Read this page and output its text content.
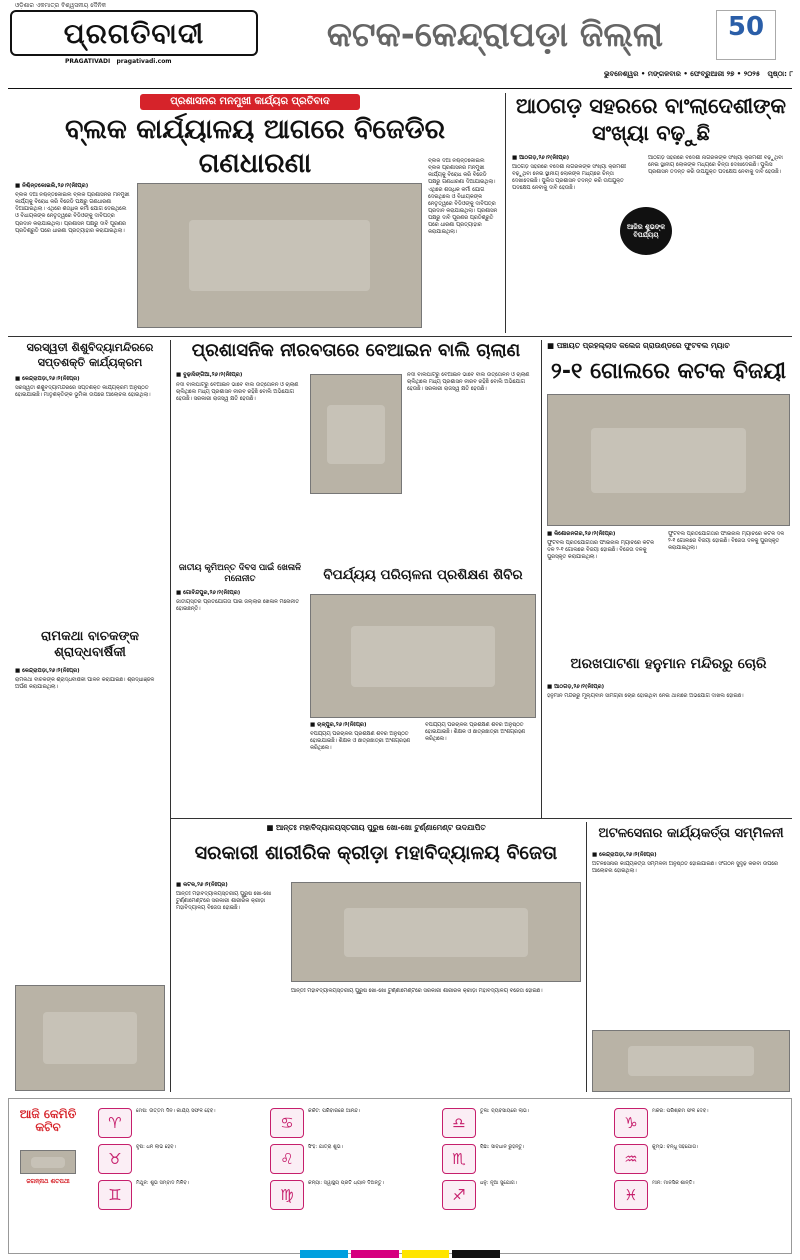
ଓଡ଼ିଶାର ଏକମାତ୍ର ବିଶ୍ୱସନୀୟ ଦୈନିକ
ପ୍ରଗତିବାଦୀ
PRAGATIVADI pragativadi.com
କଟକ-କେନ୍ଦ୍ରାପଡ଼ା ଜିଲ୍ଲା	50
ଭୁବନେଶ୍ୱର • ମଙ୍ଗଳବାର • ଫେବ୍ରୁଆରୀ ୨୭ • ୨୦୨୫ ପୃଷ୍ଠା: ୮
ପ୍ରଶାସନର ମନମୁଖୀ କାର୍ଯ୍ୟର ପ୍ରତିବାଦ
ବ୍ଲକ କାର୍ଯ୍ୟାଳୟ ଆଗରେ ବିଜେଡିର ଗଣଧାରଣା
■ ନିଶ୍ଚିନ୍ତକୋଇଲି,୨୬।୨(ନିଃପ୍ର)
ବ୍ଲକ ଦିଆ ନିଶ୍ଚିନ୍ତକୋଇଲି ବ୍ଲକ ପ୍ରଶାସନର ମନମୁଖୀ କାର୍ଯ୍ୟକୁ ବିରୋଧ କରି ବିଜେଡି ପକ୍ଷରୁ ଗଣଧାରଣା ଦିଆଯାଇଥିଲା। ଏଥିରେ ଶତାଧିକ କର୍ମୀ ଯୋଗ ଦେଇଥିଲେ ଓ ବିଧାୟକଙ୍କ ନେତୃତ୍ୱରେ ବିଡିଓଙ୍କୁ ଦାବିପତ୍ର ପ୍ରଦାନ କରାଯାଇଥିଲା। ପ୍ରଶାସନ ପକ୍ଷରୁ ଦାବି ପୂରଣର ପ୍ରତିଶ୍ରୁତି ପରେ ଧାରଣା ପ୍ରତ୍ୟାହାର କରାଯାଇଥିଲା।
ବ୍ଲକ ଦିଆ ନିଶ୍ଚିନ୍ତକୋଇଲି ବ୍ଲକ ପ୍ରଶାସନର ମନମୁଖୀ କାର୍ଯ୍ୟକୁ ବିରୋଧ କରି ବିଜେଡି ପକ୍ଷରୁ ଗଣଧାରଣା ଦିଆଯାଇଥିଲା। ଏଥିରେ ଶତାଧିକ କର୍ମୀ ଯୋଗ ଦେଇଥିଲେ ଓ ବିଧାୟକଙ୍କ ନେତୃତ୍ୱରେ ବିଡିଓଙ୍କୁ ଦାବିପତ୍ର ପ୍ରଦାନ କରାଯାଇଥିଲା। ପ୍ରଶାସନ ପକ୍ଷରୁ ଦାବି ପୂରଣର ପ୍ରତିଶ୍ରୁତି ପରେ ଧାରଣା ପ୍ରତ୍ୟାହାର କରାଯାଇଥିଲା।
ଆଠଗଡ଼ ସହରରେ ବାଂଲାଦେଶୀଙ୍କ ସଂଖ୍ୟା ବଢ଼ୁଛି
■ ଆଠଗଡ଼,୨୬।୨(ନିଃପ୍ର)
ଆଠଗଡ଼ ସହରରେ ବିଦେଶୀ ନାଗରିକଙ୍କ ସଂଖ୍ୟା କ୍ରମଶଃ ବଢ଼ୁଥିବା ନେଇ ସ୍ଥାନୀୟ ଲୋକଙ୍କ ମଧ୍ୟରେ ଚିନ୍ତା ଦେଖାଦେଇଛି। ପୁଲିସ ପ୍ରଶାସନ ତଦନ୍ତ କରି ଉପଯୁକ୍ତ ପଦକ୍ଷେପ ନେବାକୁ ଦାବି ହେଉଛି।
ଆଜିର ଶୁଭଙ୍କ ବିପର୍ଯ୍ୟୟ
ଆଠଗଡ଼ ସହରରେ ବିଦେଶୀ ନାଗରିକଙ୍କ ସଂଖ୍ୟା କ୍ରମଶଃ ବଢ଼ୁଥିବା ନେଇ ସ୍ଥାନୀୟ ଲୋକଙ୍କ ମଧ୍ୟରେ ଚିନ୍ତା ଦେଖାଦେଇଛି। ପୁଲିସ ପ୍ରଶାସନ ତଦନ୍ତ କରି ଉପଯୁକ୍ତ ପଦକ୍ଷେପ ନେବାକୁ ଦାବି ହେଉଛି।
ସରସ୍ୱତୀ ଶିଶୁବିଦ୍ୟାମନ୍ଦିରରେ ସପ୍ତଶକ୍ତି କାର୍ଯ୍ୟକ୍ରମ
■ କେନ୍ଦ୍ରାପଡ଼ା,୨୬।୨(ନିଃପ୍ର)
ସରସ୍ୱତୀ ଶିଶୁବିଦ୍ୟାମନ୍ଦିରରେ ସପ୍ତଶକ୍ତି କାର୍ଯ୍ୟକ୍ରମ ଅନୁଷ୍ଠିତ ହୋଇଯାଇଛି। ମାତୃଶକ୍ତିଙ୍କ ଭୂମିକା ଉପରେ ଆଲୋଚନା ହୋଇଥିଲା।
ରାମକଥା ବାଚକଙ୍କ ଶ୍ରାଦ୍ଧବାର୍ଷିକୀ
■ କେନ୍ଦ୍ରାପଡ଼ା,୨୬।୨(ନିଃପ୍ର)
ରାମକଥା ବାଚକଙ୍କ ଶ୍ରାଦ୍ଧବାର୍ଷିକୀ ପାଳନ କରାଯାଇଛି। ଶ୍ରଦ୍ଧାଞ୍ଜଳି ଅର୍ପଣ କରାଯାଇଥିଲା।
ପ୍ରଶାସନିକ ନୀରବତାରେ ବେଆଇନ ବାଲି ଚାଲାଣ
■ ବୁଢ଼ାସିଙ୍ଗିଆ,୨୬।୨(ନିଃପ୍ର)
ନଦୀ ବାଲିଘାଟରୁ ବେଆଇନ ଭାବେ ବାଲି ଉତ୍ତୋଳନ ଓ ଚାଲାଣ ଚାଲିଥିଲେ ମଧ୍ୟ ପ୍ରଶାସନ ନୀରବ ରହିଛି ବୋଲି ଅଭିଯୋଗ ହେଉଛି। ସରକାରୀ ରାଜସ୍ୱ କ୍ଷତି ହେଉଛି।
ନଦୀ ବାଲିଘାଟରୁ ବେଆଇନ ଭାବେ ବାଲି ଉତ୍ତୋଳନ ଓ ଚାଲାଣ ଚାଲିଥିଲେ ମଧ୍ୟ ପ୍ରଶାସନ ନୀରବ ରହିଛି ବୋଲି ଅଭିଯୋଗ ହେଉଛି। ସରକାରୀ ରାଜସ୍ୱ କ୍ଷତି ହେଉଛି।
ଜାତୀୟ କୃମିଅନ୍ତ ଦିବସ ପାଇଁ ଖେଳାଳି ମନୋନୀତ
■ ଗୋବିନ୍ଦପୁର,୨୬।୨(ନିଃପ୍ର)
ଜାତୀୟସ୍ତର ପ୍ରତିଯୋଗିତା ପାଇଁ ଜିଲ୍ଲାର ଖେଳାଳି ମନୋନୀତ ହୋଇଛନ୍ତି।
ବିପର୍ଯ୍ୟୟ ପରିଚାଳନା ପ୍ରଶିକ୍ଷଣ ଶିବିର
■ ଚାଳ୍ପୁର,୨୬।୨(ନିଃପ୍ର)
ବିପର୍ଯ୍ୟୟ ପରିଚାଳନା ପ୍ରଶିକ୍ଷଣ ଶିବିର ଅନୁଷ୍ଠିତ ହୋଇଯାଇଛି। ଶିକ୍ଷକ ଓ ଛାତ୍ରଛାତ୍ରୀ ଅଂଶଗ୍ରହଣ କରିଥିଲେ।
ବିପର୍ଯ୍ୟୟ ପରିଚାଳନା ପ୍ରଶିକ୍ଷଣ ଶିବିର ଅନୁଷ୍ଠିତ ହୋଇଯାଇଛି। ଶିକ୍ଷକ ଓ ଛାତ୍ରଛାତ୍ରୀ ଅଂଶଗ୍ରହଣ କରିଥିଲେ।
■ ପଞ୍ଚାୟତ ପ୍ରହଲ୍ଲାଦ କଲେଜ ଗ୍ରାଉଣ୍ଡରେ ଫୁଟବଲ ମ୍ୟାଚ
୨-୧ ଗୋଲରେ କଟକ ବିଜୟୀ
■ କିଶୋରନଗର,୨୬।୨(ନିଃପ୍ର)
ଫୁଟବଲ ପ୍ରତିଯୋଗିତାର ଫାଇନାଲ ମ୍ୟାଚରେ କଟକ ଦଳ ୨-୧ ଗୋଲରେ ବିଜୟୀ ହୋଇଛି। ବିଜେତା ଦଳକୁ ପୁରସ୍କୃତ କରାଯାଇଥିଲା।
ଫୁଟବଲ ପ୍ରତିଯୋଗିତାର ଫାଇନାଲ ମ୍ୟାଚରେ କଟକ ଦଳ ୨-୧ ଗୋଲରେ ବିଜୟୀ ହୋଇଛି। ବିଜେତା ଦଳକୁ ପୁରସ୍କୃତ କରାଯାଇଥିଲା।
ଅରଖପାଟଣା ହନୁମାନ ମନ୍ଦିରରୁ ଚୋରି
■ ଆଠଗଡ଼,୨୬।୨(ନିଃପ୍ର)
ହନୁମାନ ମନ୍ଦିରରୁ ମୂଲ୍ୟବାନ ସାମଗ୍ରୀ ଚୋରି ହୋଇଥିବା ନେଇ ଥାନାରେ ଅଭିଯୋଗ ଦାଖଲ ହୋଇଛି।
■ ଆନ୍ତଃ ମହାବିଦ୍ୟାଳୟସ୍ତରୀୟ ପୁରୁଷ ଖୋ-ଖୋ ଟୁର୍ଣ୍ଣାମେଣ୍ଟ ଉଦଯାପିତ
ସରକାରୀ ଶାରୀରିକ କ୍ରୀଡ଼ା ମହାବିଦ୍ୟାଳୟ ବିଜେତା
■ କଟକ,୨୬।୨(ନିଃପ୍ର)
ଆନ୍ତଃ ମହାବିଦ୍ୟାଳୟସ୍ତରୀୟ ପୁରୁଷ ଖୋ-ଖୋ ଟୁର୍ଣ୍ଣାମେଣ୍ଟରେ ସରକାରୀ ଶାରୀରିକ କ୍ରୀଡ଼ା ମହାବିଦ୍ୟାଳୟ ବିଜେତା ହୋଇଛି।
ଆନ୍ତଃ ମହାବିଦ୍ୟାଳୟସ୍ତରୀୟ ପୁରୁଷ ଖୋ-ଖୋ ଟୁର୍ଣ୍ଣାମେଣ୍ଟରେ ସରକାରୀ ଶାରୀରିକ କ୍ରୀଡ଼ା ମହାବିଦ୍ୟାଳୟ ବିଜେତା ହୋଇଛି।
ଅଟଳସେନାର କାର୍ଯ୍ୟକର୍ତ୍ତା ସମ୍ମିଳନୀ
■ କେନ୍ଦ୍ରାପଡ଼ା,୨୬।୨(ନିଃପ୍ର)
ଅଟଳସେନାର କାର୍ଯ୍ୟକର୍ତ୍ତା ସମ୍ମିଳନୀ ଅନୁଷ୍ଠିତ ହୋଇଯାଇଛି। ସଂଗଠନ ସୁଦୃଢ଼ କରିବା ଉପରେ ଆଲୋଚନା ହୋଇଥିଲା।
ଆଜି କେମିତି କଟିବ
ଜଗନ୍ନାଥ ଶତପଥୀ
♈
ମେଷ: ଉତ୍ତମ ଦିନ। କାର୍ଯ୍ୟ ସଫଳ ହେବ।
♉
ବୃଷ: ଧନ ଲାଭ ହେବ।
♊
ମିଥୁନ: ଶୁଭ ସମ୍ବାଦ ମିଳିବ।
♋
କର୍କଟ: ପରିବାରରେ ଆନନ୍ଦ।
♌
ସିଂହ: ଯାତ୍ରା ଶୁଭ।
♍
କନ୍ୟା: ସ୍ୱାସ୍ଥ୍ୟ ପ୍ରତି ଧ୍ୟାନ ଦିଅନ୍ତୁ।
♎
ତୁଳା: ବ୍ୟବସାୟରେ ଲାଭ।
♏
ବିଛା: ସାବଧାନ ରୁହନ୍ତୁ।
♐
ଧନୁ: ନୂଆ ସୁଯୋଗ।
♑
ମକର: ପରିଶ୍ରମ ଫଳ ଦେବ।
♒
କୁମ୍ଭ: ବନ୍ଧୁ ସହଯୋଗ।
♓
ମୀନ: ମାନସିକ ଶାନ୍ତି।
